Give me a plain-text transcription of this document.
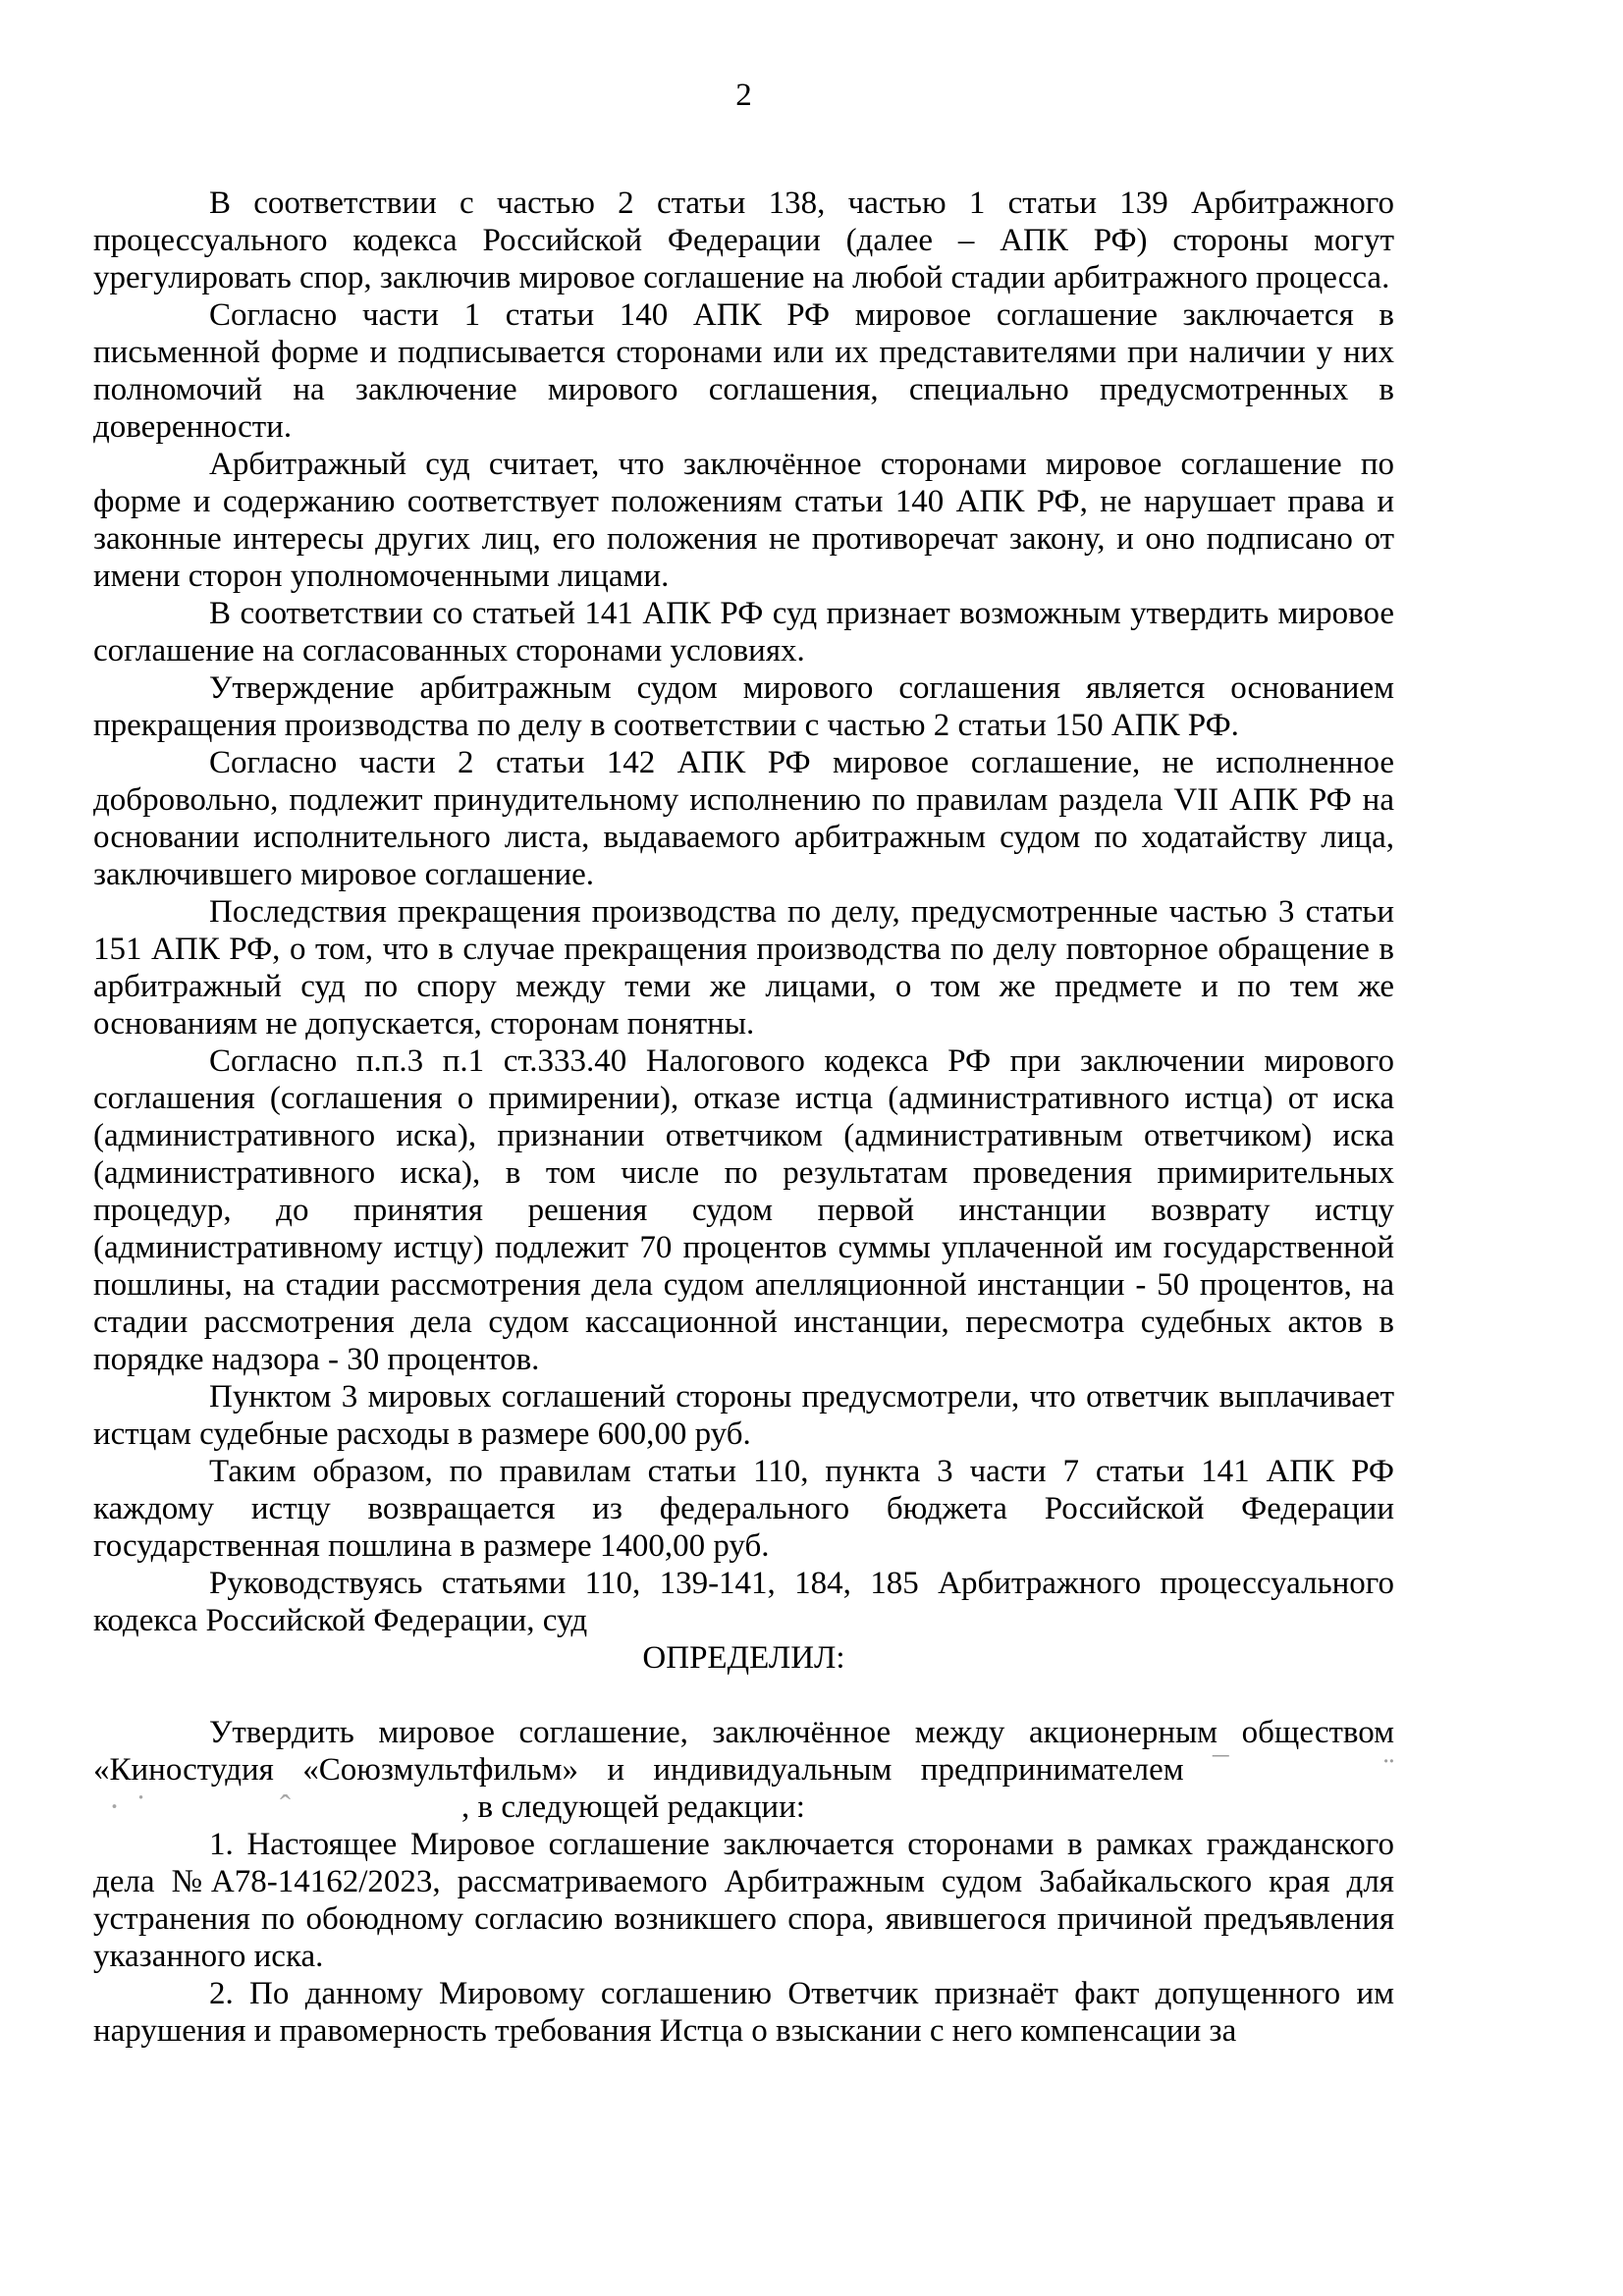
2

В соответствии с частью 2 статьи 138, частью 1 статьи 139 Арбитражного процессуального кодекса Российской Федерации (далее – АПК РФ) стороны могут урегулировать спор, заключив мировое соглашение на любой стадии арбитражного процесса.

Согласно части 1 статьи 140 АПК РФ мировое соглашение заключается в письменной форме и подписывается сторонами или их представителями при наличии у них полномочий на заключение мирового соглашения, специально предусмотренных в доверенности.

Арбитражный суд считает, что заключённое сторонами мировое соглашение по форме и содержанию соответствует положениям статьи 140 АПК РФ, не нарушает права и законные интересы других лиц, его положения не противоречат закону, и оно подписано от имени сторон уполномоченными лицами.

В соответствии со статьей 141 АПК РФ суд признает возможным утвердить мировое соглашение на согласованных сторонами условиях.

Утверждение арбитражным судом мирового соглашения является основанием прекращения производства по делу в соответствии с частью 2 статьи 150 АПК РФ.

Согласно части 2 статьи 142 АПК РФ мировое соглашение, не исполненное добровольно, подлежит принудительному исполнению по правилам раздела VII АПК РФ на основании исполнительного листа, выдаваемого арбитражным судом по ходатайству лица, заключившего мировое соглашение.

Последствия прекращения производства по делу, предусмотренные частью 3 статьи 151 АПК РФ, о том, что в случае прекращения производства по делу повторное обращение в арбитражный суд по спору между теми же лицами, о том же предмете и по тем же основаниям не допускается, сторонам понятны.

Согласно п.п.3 п.1 ст.333.40 Налогового кодекса РФ при заключении мирового соглашения (соглашения о примирении), отказе истца (административного истца) от иска (административного иска), признании ответчиком (административным ответчиком) иска (административного иска), в том числе по результатам проведения примирительных процедур, до принятия решения судом первой инстанции возврату истцу (административному истцу) подлежит 70 процентов суммы уплаченной им государственной пошлины, на стадии рассмотрения дела судом апелляционной инстанции - 50 процентов, на стадии рассмотрения дела судом кассационной инстанции, пересмотра судебных актов в порядке надзора - 30 процентов.

Пунктом 3 мировых соглашений стороны предусмотрели, что ответчик выплачивает истцам судебные расходы в размере 600,00 руб.

Таким образом, по правилам статьи 110, пункта 3 части 7 статьи 141 АПК РФ каждому истцу возвращается из федерального бюджета Российской Федерации государственная пошлина в размере 1400,00 руб.

Руководствуясь статьями 110, 139-141, 184, 185 Арбитражного процессуального кодекса Российской Федерации, суд

ОПРЕДЕЛИЛ:

Утвердить мировое соглашение, заключённое между акционерным обществом
«Киностудия «Союзмультфильм» и индивидуальным предпринимателем ¯	¨
·˙	ˆ	, в следующей редакции:

1. Настоящее Мировое соглашение заключается сторонами в рамках гражданского дела №А78-14162/2023, рассматриваемого Арбитражным судом Забайкальского края для устранения по обоюдному согласию возникшего спора, явившегося причиной предъявления указанного иска.

2. По данному Мировому соглашению Ответчик признаёт факт допущенного им нарушения и правомерность требования Истца о взыскании с него компенсации за
